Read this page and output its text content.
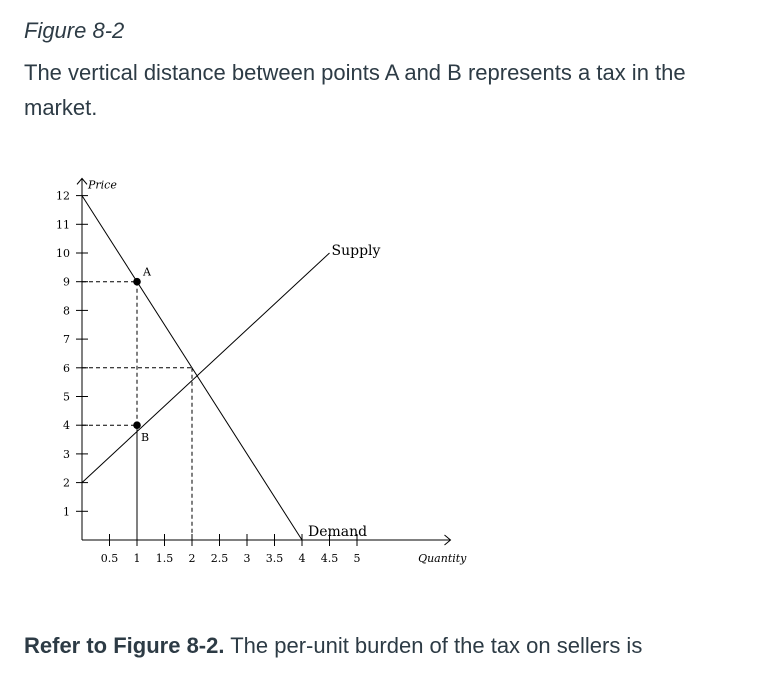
Figure 8-2

The vertical distance between points A and B represents a tax in the market.

1
2
3
4
5
6
7
8
9
10
11
12
0.5 1 1.5 2 2.5 3 3.5 4 4.5 5
Price
Quantity
Supply
Demand
A
B

Refer to Figure 8-2. The per-unit burden of the tax on sellers is
